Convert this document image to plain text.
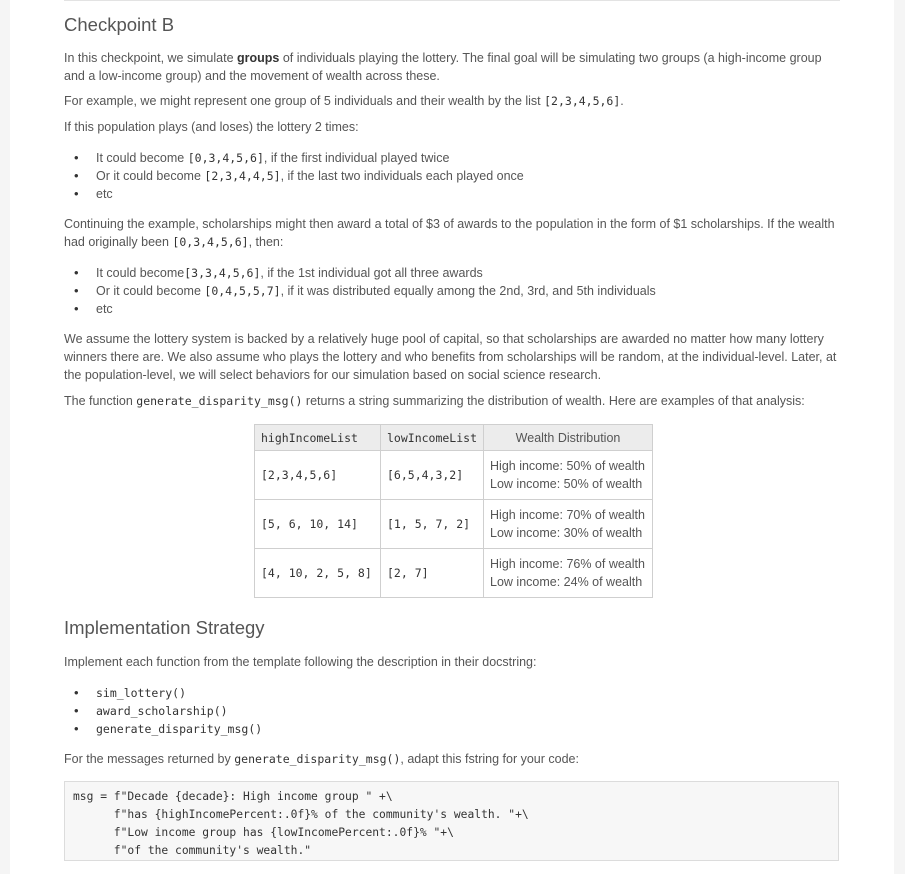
Checkpoint B

In this checkpoint, we simulate groups of individuals playing the lottery. The final goal will be simulating two groups (a high-income group and a low-income group) and the movement of wealth across these.

For example, we might represent one group of 5 individuals and their wealth by the list [2,3,4,5,6].

If this population plays (and loses) the lottery 2 times:

• It could become [0,3,4,5,6], if the first individual played twice
• Or it could become [2,3,4,4,5], if the last two individuals each played once
• etc

Continuing the example, scholarships might then award a total of $3 of awards to the population in the form of $1 scholarships. If the wealth had originally been [0,3,4,5,6], then:

• It could become[3,3,4,5,6], if the 1st individual got all three awards
• Or it could become [0,4,5,5,7], if it was distributed equally among the 2nd, 3rd, and 5th individuals
• etc

We assume the lottery system is backed by a relatively huge pool of capital, so that scholarships are awarded no matter how many lottery winners there are. We also assume who plays the lottery and who benefits from scholarships will be random, at the individual-level. Later, at the population-level, we will select behaviors for our simulation based on social science research.

The function generate_disparity_msg() returns a string summarizing the distribution of wealth. Here are examples of that analysis:

highIncomeList	lowIncomeList	Wealth Distribution
[2,3,4,5,6]	[6,5,4,3,2]	High income: 50% of wealth
Low income: 50% of wealth

[5, 6, 10, 14]	[1, 5, 7, 2]	High income: 70% of wealth
Low income: 30% of wealth

[4, 10, 2, 5, 8]	[2, 7]	High income: 76% of wealth
Low income: 24% of wealth
Implementation Strategy

Implement each function from the template following the description in their docstring:

• sim_lottery()
• award_scholarship()
• generate_disparity_msg()

For the messages returned by generate_disparity_msg(), adapt this fstring for your code:

msg = f"Decade {decade}: High income group " +\
f"has {highIncomePercent:.0f}% of the community's wealth. "+\
f"Low income group has {lowIncomePercent:.0f}% "+\
f"of the community's wealth."
